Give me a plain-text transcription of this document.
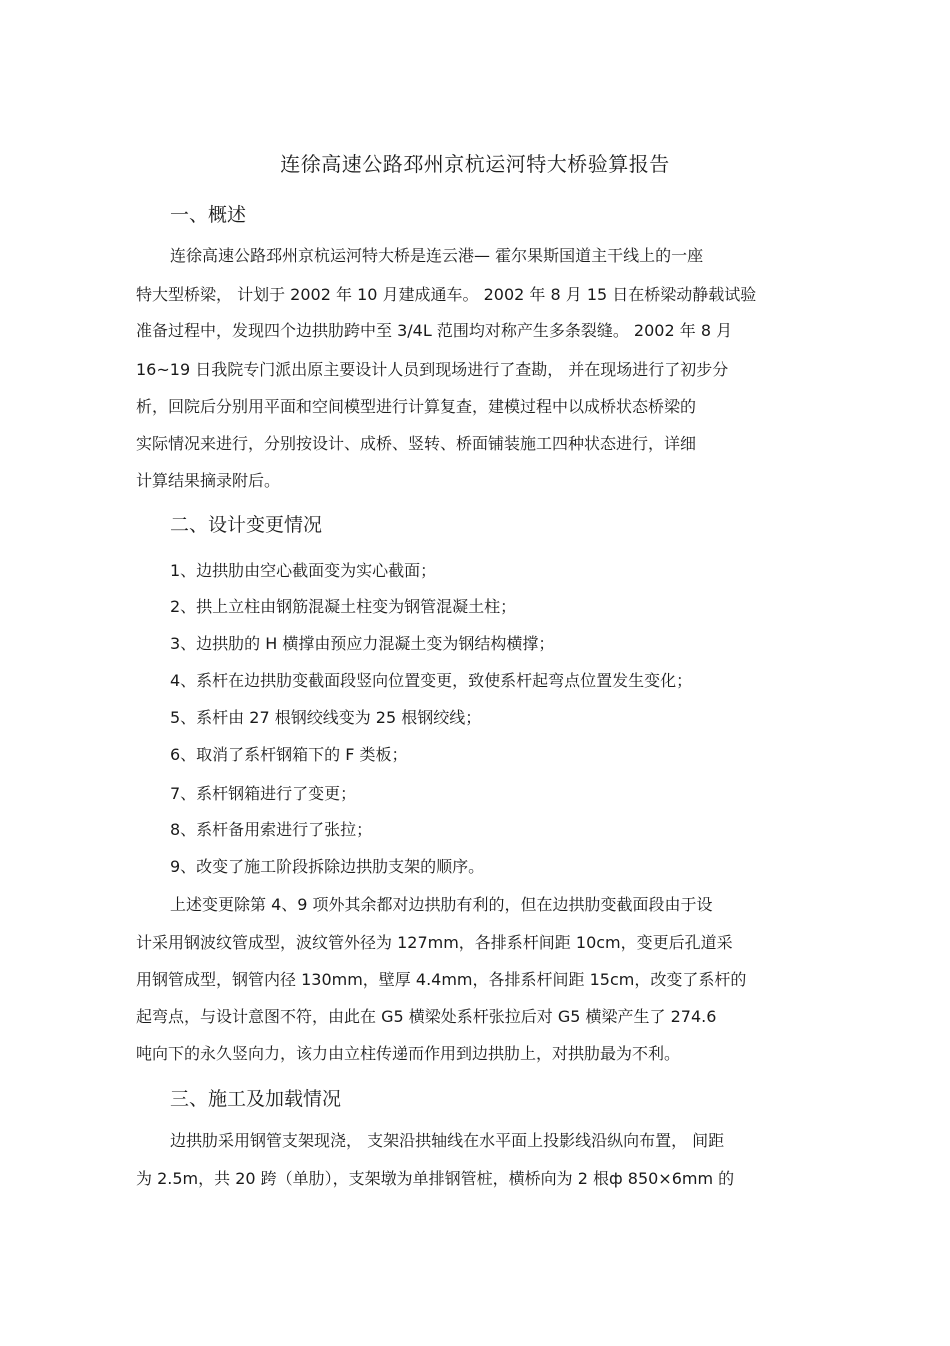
连徐高速公路邳州京杭运河特大桥验算报告
一、概述
连徐高速公路邳州京杭运河特大桥是连云港— 霍尔果斯国道主干线上的一座
特大型桥梁， 计划于 2002 年 10 月建成通车。 2002 年 8 月 15 日在桥梁动静载试验
准备过程中，发现四个边拱肋跨中至 3/4L 范围均对称产生多条裂缝。 2002 年 8 月
16~19 日我院专门派出原主要设计人员到现场进行了查勘， 并在现场进行了初步分
析，回院后分别用平面和空间模型进行计算复查，建模过程中以成桥状态桥梁的
实际情况来进行，分别按设计、成桥、竖转、桥面铺装施工四种状态进行，详细
计算结果摘录附后。
二、设计变更情况
1、边拱肋由空心截面变为实心截面；
2、拱上立柱由钢筋混凝土柱变为钢管混凝土柱；
3、边拱肋的 H 横撑由预应力混凝土变为钢结构横撑；
4、系杆在边拱肋变截面段竖向位置变更，致使系杆起弯点位置发生变化；
5、系杆由 27 根钢绞线变为 25 根钢绞线；
6、取消了系杆钢箱下的 F 类板；
7、系杆钢箱进行了变更；
8、系杆备用索进行了张拉；
9、改变了施工阶段拆除边拱肋支架的顺序。
上述变更除第 4、9 项外其余都对边拱肋有利的，但在边拱肋变截面段由于设
计采用钢波纹管成型，波纹管外径为 127mm，各排系杆间距 10cm，变更后孔道采
用钢管成型，钢管内径 130mm，壁厚 4.4mm，各排系杆间距 15cm，改变了系杆的
起弯点，与设计意图不符，由此在 G5 横梁处系杆张拉后对 G5 横梁产生了 274.6
吨向下的永久竖向力，该力由立柱传递而作用到边拱肋上，对拱肋最为不利。
三、施工及加载情况
边拱肋采用钢管支架现浇， 支架沿拱轴线在水平面上投影线沿纵向布置， 间距
为 2.5m，共 20 跨（单肋），支架墩为单排钢管桩，横桥向为 2 根ф 850×6mm 的
